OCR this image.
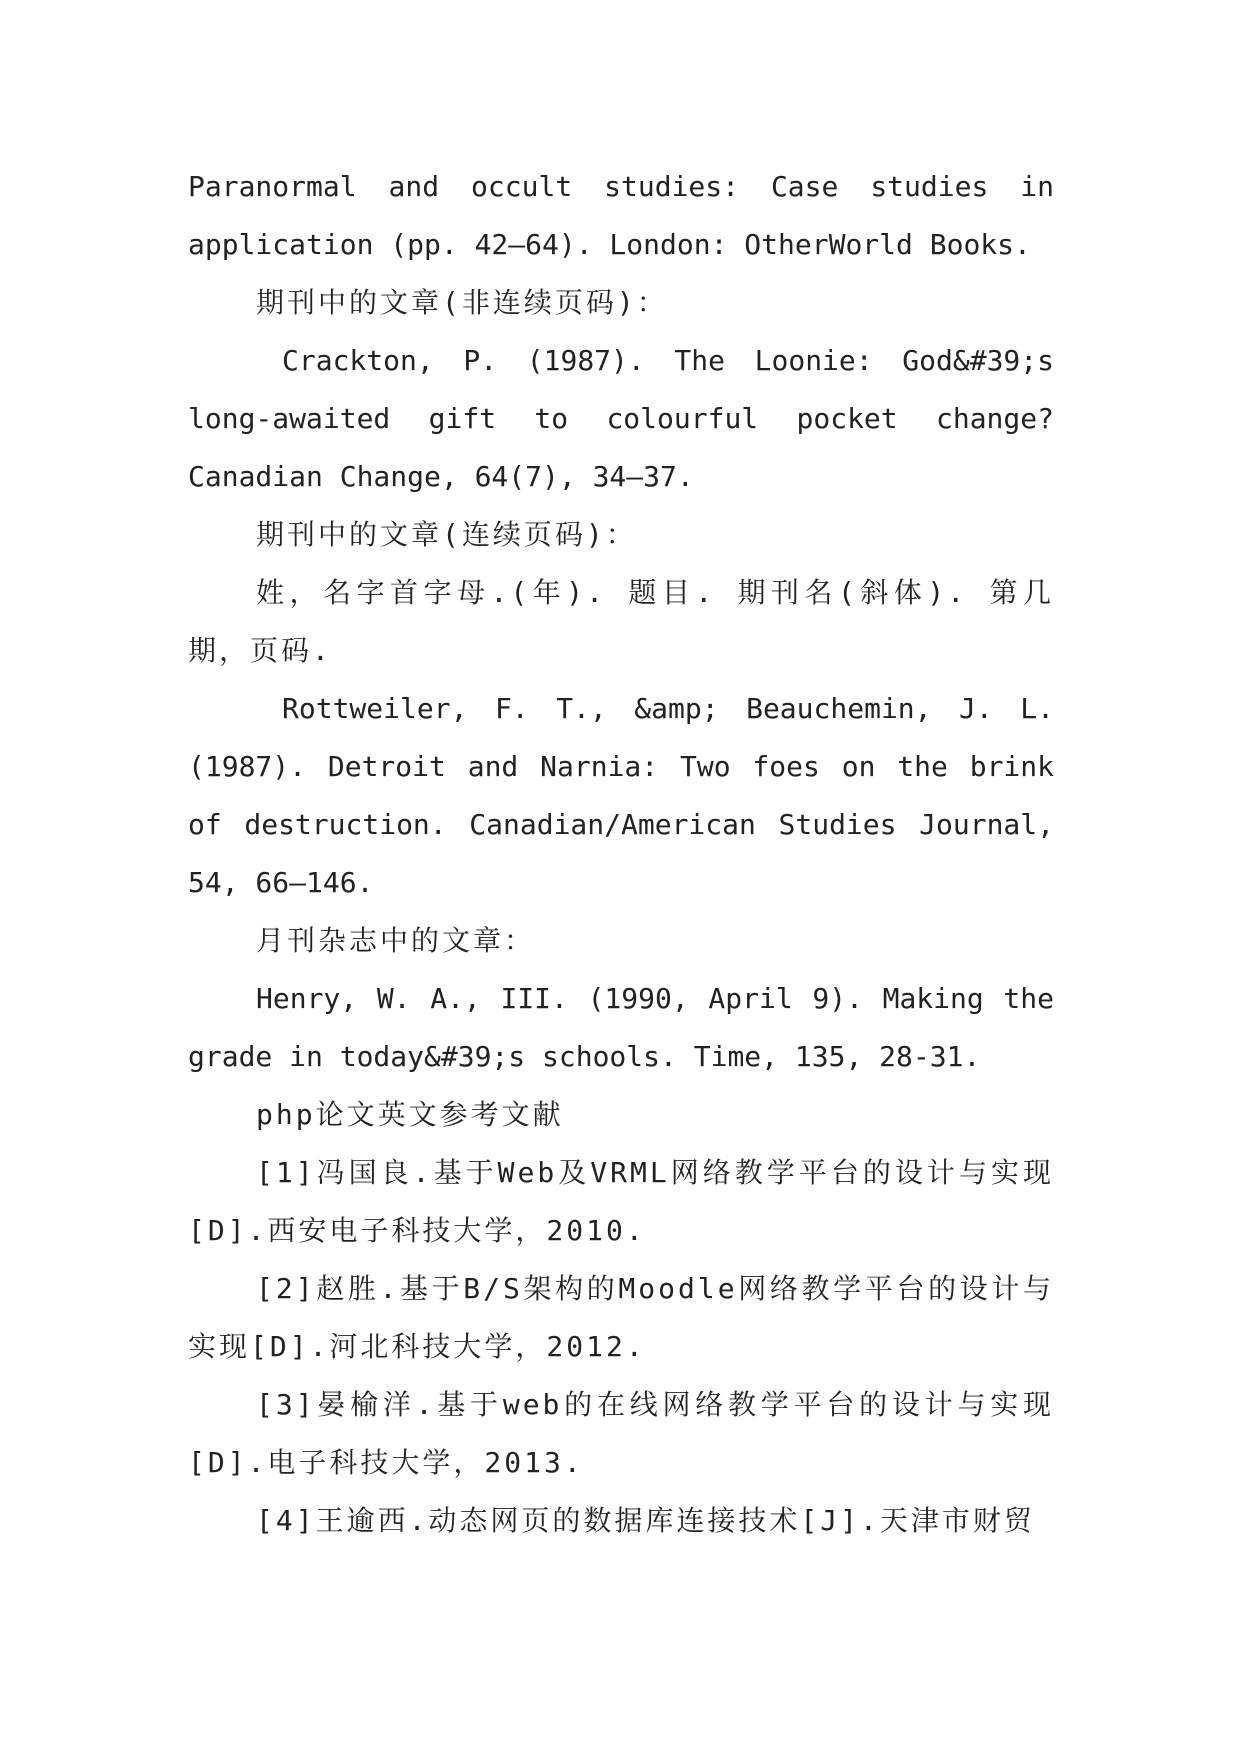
Paranormal and occult studies: Case studies in application (pp. 42–64). London: OtherWorld Books.

期刊中的文章(非连续页码)：

Crackton, P. (1987). The Loonie: God&#39;s long-awaited gift to colourful pocket change? Canadian Change, 64(7), 34–37.

期刊中的文章(连续页码)：

姓，名字首字母.(年). 题目. 期刊名(斜体). 第几期，页码.

Rottweiler, F. T., &amp; Beauchemin, J. L. (1987). Detroit and Narnia: Two foes on the brink of destruction. Canadian/American Studies Journal, 54, 66–146.

月刊杂志中的文章：

Henry, W. A., III. (1990, April 9). Making the grade in today&#39;s schools. Time, 135, 28-31.

php论文英文参考文献

[1]冯国良.基于Web及VRML网络教学平台的设计与实现[D].西安电子科技大学，2010.

[2]赵胜.基于B/S架构的Moodle网络教学平台的设计与实现[D].河北科技大学，2012.

[3]晏榆洋.基于web的在线网络教学平台的设计与实现[D].电子科技大学，2013.

[4]王逾西.动态网页的数据库连接技术[J].天津市财贸
